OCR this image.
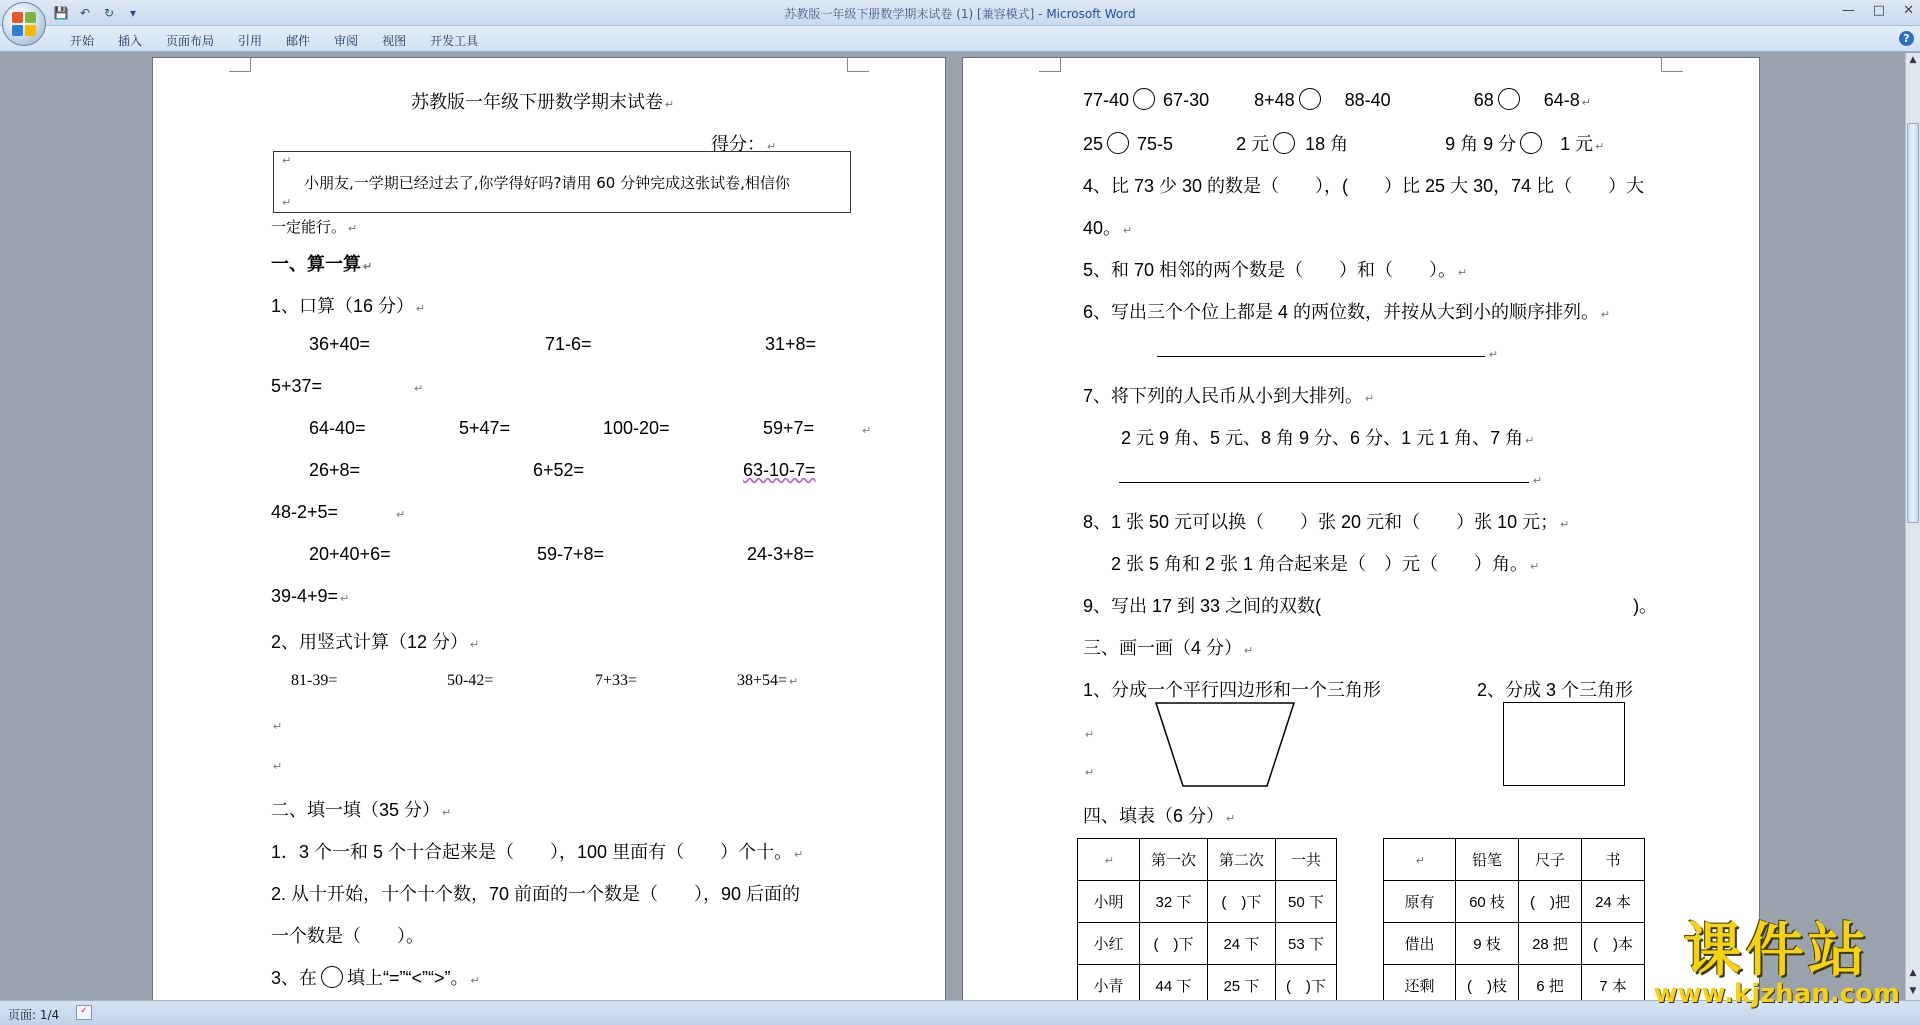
💾 ↶	↻	▾	苏教版一年级下册数学期末试卷 (1) [兼容模式] - Microsoft Word	— □ ✕
开始	插入	页面布局	引用	邮件	审阅	视图	开发工具	?
苏教版一年级下册数学期末试卷 ↵
得分： ↵
↵
小朋友,一学期已经过去了,你学得好吗?请用 60 分钟完成这张试卷,相信你
↵
一定能行。 ↵
一、算一算 ↵
1、口算（16 分） ↵
36+40=	71-6=	31+8=
5+37=	↵
64-40=	5+47=	100-20=	59+7=	↵
26+8=	6+52=	63-10-7=
48-2+5=	↵
20+40+6=	59-7+8=	24-3+8=
39-4+9= ↵
2、用竖式计算（12 分） ↵
81-39=	50-42=	7+33=	38+54= ↵
↵
↵
二、填一填（35 分） ↵
1．3 个一和 5 个十合起来是（　　），100 里面有（　　）个十。 ↵
2. 从十开始，十个十个数，70 前面的一个数是（　　），90 后面的
一个数是（　　）。
3、在 填上“=”“<”“>”。 ↵
77-40 67-30	8+48	88-40	68	64-8 ↵
25 75-5	2 元 18 角	9 角 9 分 1 元 ↵
4、比 73 少 30 的数是（　　），(　　）比 25 大 30，74 比（　　）大
40。 ↵
5、和 70 相邻的两个数是（　　）和（　　）。 ↵
6、写出三个个位上都是 4 的两位数，并按从大到小的顺序排列。 ↵
↵
7、将下列的人民币从小到大排列。 ↵
2 元 9 角、5 元、8 角 9 分、6 分、1 元 1 角、7 角 ↵
↵
8、1 张 50 元可以换（　　）张 20 元和（　　）张 10 元； ↵
2 张 5 角和 2 张 1 角合起来是（　）元（　　）角。 ↵
9、写出 17 到 33 之间的双数(	)。
三、画一画（4 分） ↵
1、分成一个平行四边形和一个三角形	2、分成 3 个三角形
↵
↵
四、填表（6 分） ↵
↵	第一次	第二次	一共
小明	32 下	(　)下	50 下
小红	(　)下	24 下	53 下
小青	44 下	25 下	(　)下
↵	铅笔	尺子	书
原有	60 枝	(　)把	24 本
借出	9 枝	28 把	(　)本
还剩	(　)枝	6 把	7 本
▲
▲
▼
页面: 1/4	✓
课件站
www.kjzhan.com
